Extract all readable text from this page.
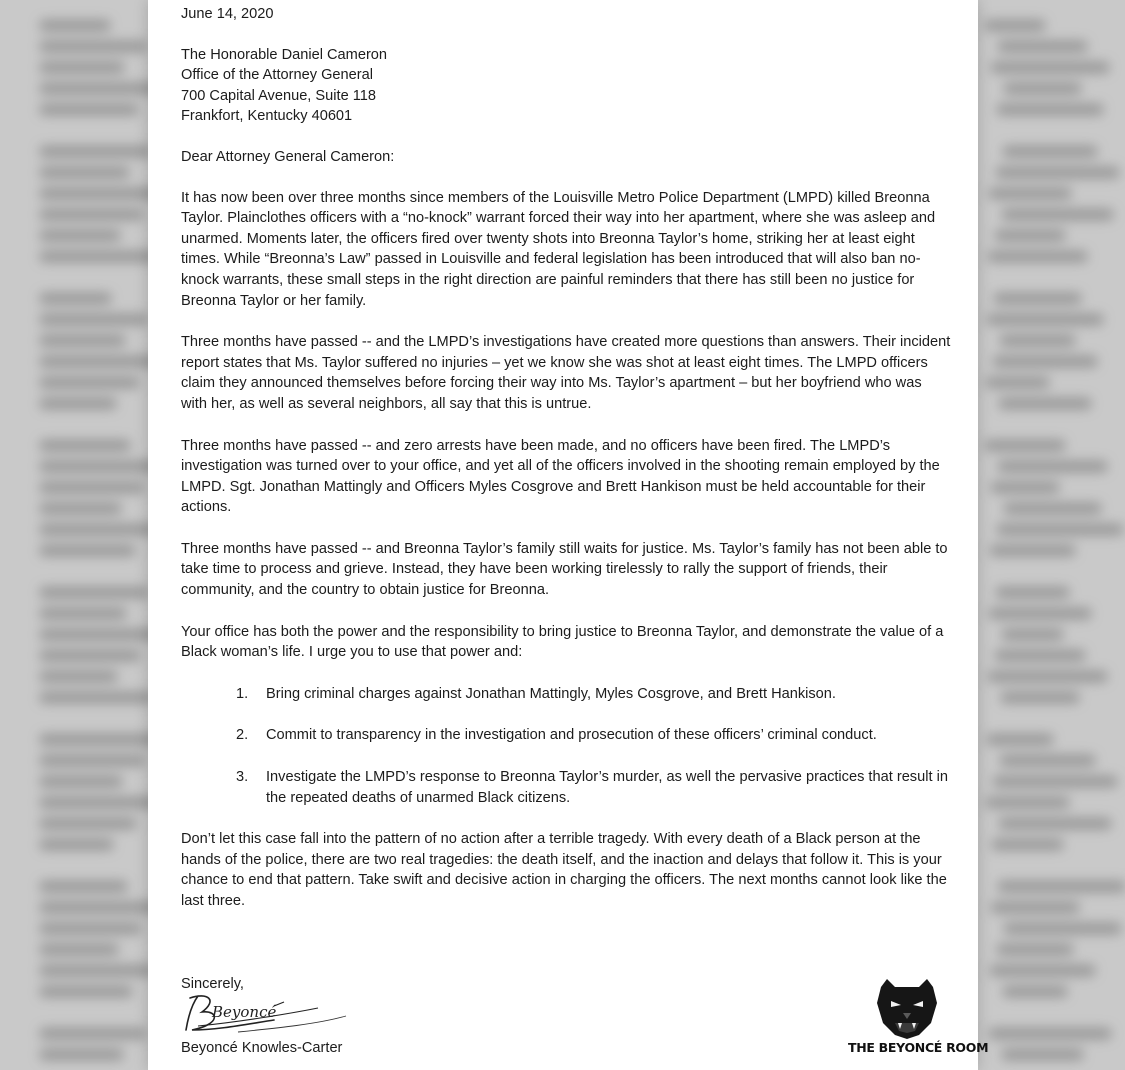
June 14, 2020

The Honorable Daniel Cameron

Office of the Attorney General

700 Capital Avenue, Suite 118

Frankfort, Kentucky 40601

Dear Attorney General Cameron:

It has now been over three months since members of the Louisville Metro Police Department (LMPD) killed Breonna Taylor. Plainclothes officers with a “no-knock” warrant forced their way into her apartment, where she was asleep and unarmed. Moments later, the officers fired over twenty shots into Breonna Taylor’s home, striking her at least eight times. While “Breonna’s Law” passed in Louisville and federal legislation has been introduced that will also ban no-knock warrants, these small steps in the right direction are painful reminders that there has still been no justice for Breonna Taylor or her family.

Three months have passed -- and the LMPD’s investigations have created more questions than answers. Their incident report states that Ms. Taylor suffered no injuries – yet we know she was shot at least eight times. The LMPD officers claim they announced themselves before forcing their way into Ms. Taylor’s apartment – but her boyfriend who was with her, as well as several neighbors, all say that this is untrue.

Three months have passed -- and zero arrests have been made, and no officers have been fired. The LMPD’s investigation was turned over to your office, and yet all of the officers involved in the shooting remain employed by the LMPD. Sgt. Jonathan Mattingly and Officers Myles Cosgrove and Brett Hankison must be held accountable for their actions.

Three months have passed -- and Breonna Taylor’s family still waits for justice. Ms. Taylor’s family has not been able to take time to process and grieve. Instead, they have been working tirelessly to rally the support of friends, their community, and the country to obtain justice for Breonna.

Your office has both the power and the responsibility to bring justice to Breonna Taylor, and demonstrate the value of a Black woman’s life. I urge you to use that power and:

1. Bring criminal charges against Jonathan Mattingly, Myles Cosgrove, and Brett Hankison.
2. Commit to transparency in the investigation and prosecution of these officers’ criminal conduct.
3. Investigate the LMPD’s response to Breonna Taylor’s murder, as well the pervasive practices that result in the repeated deaths of unarmed Black citizens.

Don’t let this case fall into the pattern of no action after a terrible tragedy. With every death of a Black person at the hands of the police, there are two real tragedies: the death itself, and the inaction and delays that follow it. This is your chance to end that pattern. Take swift and decisive action in charging the officers. The next months cannot look like the last three.

Sincerely,
Beyoncé
Beyoncé Knowles-Carter	THE BEYONCÉ ROOM
